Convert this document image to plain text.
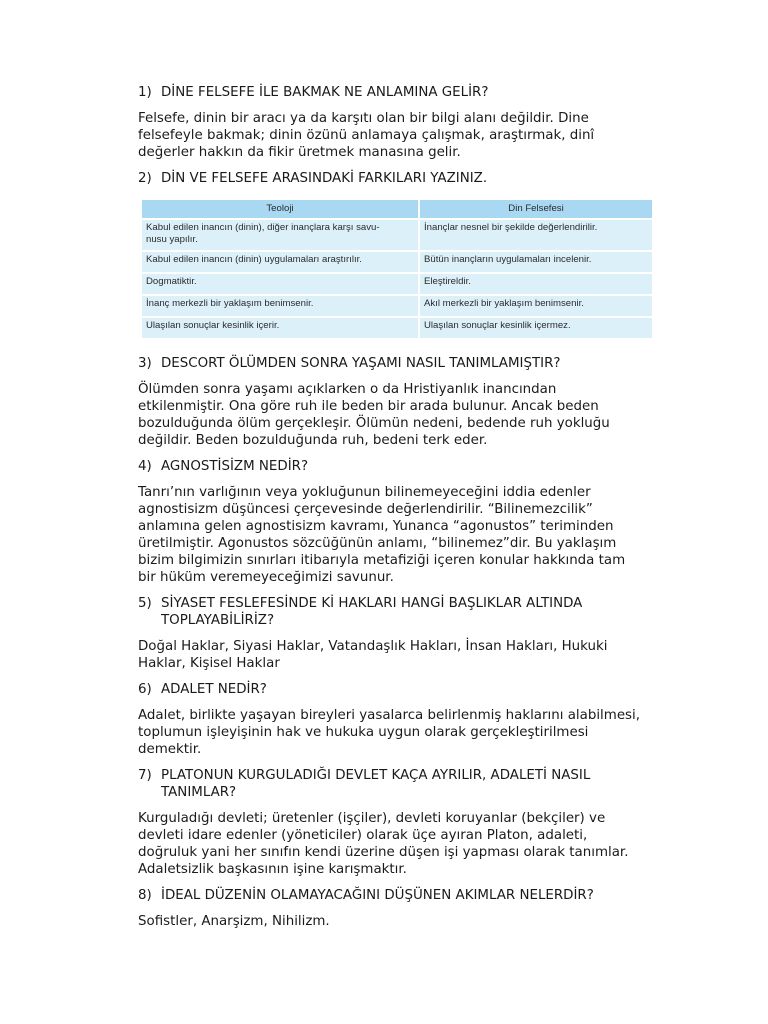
1) DİNE FELSEFE İLE BAKMAK NE ANLAMINA GELİR?

Felsefe, dinin bir aracı ya da karşıtı olan bir bilgi alanı değildir. Dine

felsefeyle bakmak; dinin özünü anlamaya çalışmak, araştırmak, dinî

değerler hakkın da fikir üretmek manasına gelir.

2) DİN VE FELSEFE ARASINDAKİ FARKILARI YAZINIZ.
Teoloji	Din Felsefesi

Kabul edilen inancın (dinin), diğer inançlara karşı savu-
nusu yapılır.	İnançlar nesnel bir şekilde değerlendirilir.
Kabul edilen inancın (dinin) uygulamaları araştırılır.	Bütün inançların uygulamaları incelenir.
Dogmatiktir.	Eleştireldir.
İnanç merkezli bir yaklaşım benimsenir.	Akıl merkezli bir yaklaşım benimsenir.
Ulaşılan sonuçlar kesinlik içerir.	Ulaşılan sonuçlar kesinlik içermez.
3) DESCORT ÖLÜMDEN SONRA YAŞAMI NASIL TANIMLAMIŞTIR?

Ölümden sonra yaşamı açıklarken o da Hristiyanlık inancından

etkilenmiştir. Ona göre ruh ile beden bir arada bulunur. Ancak beden

bozulduğunda ölüm gerçekleşir. Ölümün nedeni, bedende ruh yokluğu

değildir. Beden bozulduğunda ruh, bedeni terk eder.

4) AGNOSTİSİZM NEDİR?

Tanrı’nın varlığının veya yokluğunun bilinemeyeceğini iddia edenler

agnostisizm düşüncesi çerçevesinde değerlendirilir. “Bilinemezcilik”

anlamına gelen agnostisizm kavramı, Yunanca “agonustos” teriminden

üretilmiştir. Agonustos sözcüğünün anlamı, “bilinemez”dir. Bu yaklaşım

bizim bilgimizin sınırları itibarıyla metafiziği içeren konular hakkında tam

bir hüküm veremeyeceğimizi savunur.

5) SİYASET FESLEFESİNDE Kİ HAKLARI HANGİ BAŞLIKLAR ALTINDA
TOPLAYABİLİRİZ?

Doğal Haklar, Siyasi Haklar, Vatandaşlık Hakları, İnsan Hakları, Hukuki

Haklar, Kişisel Haklar

6) ADALET NEDİR?

Adalet, birlikte yaşayan bireyleri yasalarca belirlenmiş haklarını alabilmesi,

toplumun işleyişinin hak ve hukuka uygun olarak gerçekleştirilmesi

demektir.

7) PLATONUN KURGULADIĞI DEVLET KAÇA AYRILIR, ADALETİ NASIL
TANIMLAR?

Kurguladığı devleti; üretenler (işçiler), devleti koruyanlar (bekçiler) ve

devleti idare edenler (yöneticiler) olarak üçe ayıran Platon, adaleti,

doğruluk yani her sınıfın kendi üzerine düşen işi yapması olarak tanımlar.

Adaletsizlik başkasının işine karışmaktır.

8) İDEAL DÜZENİN OLAMAYACAĞINI DÜŞÜNEN AKIMLAR NELERDİR?

Sofistler, Anarşizm, Nihilizm.
